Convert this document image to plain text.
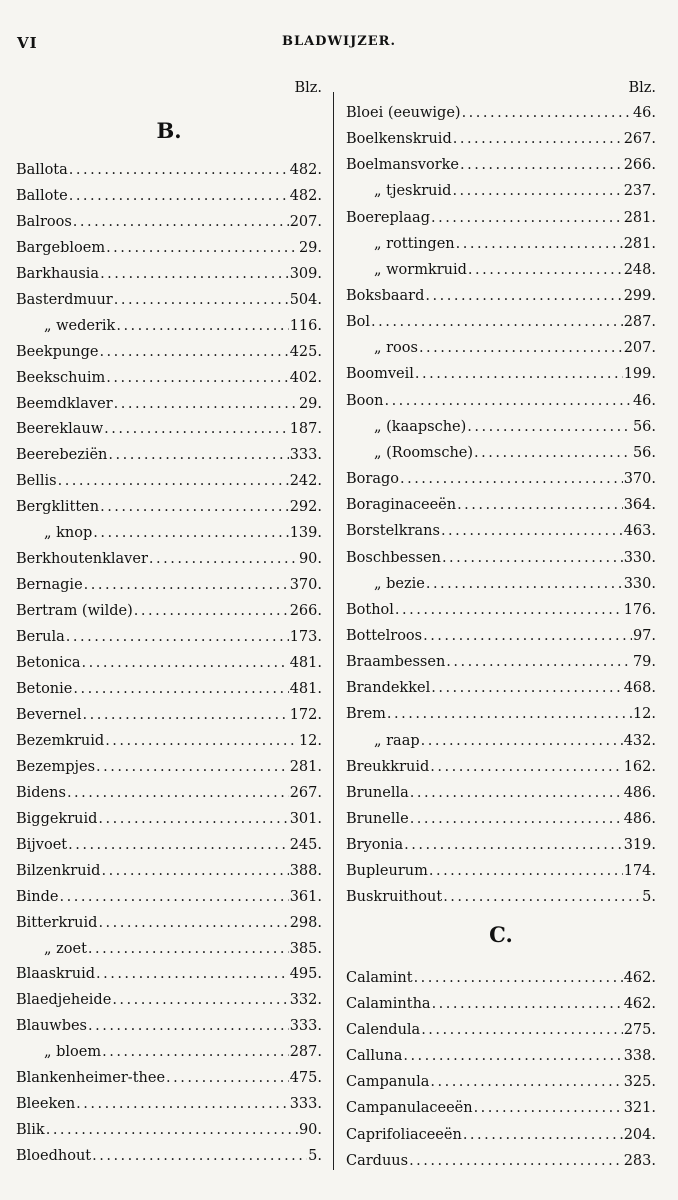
VI	BLADWIJZER.
Blz.
B.
Ballota .....	482.
Ballote .....	482.
Balroos .....	207.
Bargebloem .....	29.
Barkhausia .....	309.
Basterdmuur .....	504.
„ wederik .....	116.
Beekpunge .....	425.
Beekschuim .....	402.
Beemdklaver .....	29.
Beereklauw .....	187.
Beerebeziën .....	333.
Bellis .....	242.
Bergklitten .....	292.
„ knop .....	139.
Berkhoutenklaver .....	90.
Bernagie .....	370.
Bertram (wilde) .....	266.
Berula .....	173.
Betonica .....	481.
Betonie .....	481.
Bevernel .....	172.
Bezemkruid .....	12.
Bezempjes .....	281.
Bidens .....	267.
Biggekruid .....	301.
Bijvoet .....	245.
Bilzenkruid .....	388.
Binde .....	361.
Bitterkruid .....	298.
„ zoet .....	385.
Blaaskruid .....	495.
Blaedjeheide .....	332.
Blauwbes .....	333.
„ bloem .....	287.
Blankenheimer-thee .....	475.
Bleeken .....	333.
Blik .....	90.
Bloedhout .....	5.
Blz.
Bloei (eeuwige) .....	46.
Boelkenskruid .....	267.
Boelmansvorke .....	266.
„ tjeskruid .....	237.
Boereplaag .....	281.
„ rottingen .....	281.
„ wormkruid .....	248.
Boksbaard .....	299.
Bol .....	287.
„ roos .....	207.
Boomveil .....	199.
Boon .....	46.
„ (kaapsche) .....	56.
„ (Roomsche) .....	56.
Borago .....	370.
Boraginaceeën .....	364.
Borstelkrans .....	463.
Boschbessen .....	330.
„ bezie .....	330.
Bothol .....	176.
Bottelroos .....	97.
Braambessen .....	79.
Brandekkel .....	468.
Brem .....	12.
„ raap .....	432.
Breukkruid .....	162.
Brunella .....	486.
Brunelle .....	486.
Bryonia .....	319.
Bupleurum .....	174.
Buskruithout .....	5.
C.
Calamint .....	462.
Calamintha .....	462.
Calendula .....	275.
Calluna .....	338.
Campanula .....	325.
Campanulaceeën .....	321.
Caprifoliaceeën .....	204.
Carduus .....	283.
